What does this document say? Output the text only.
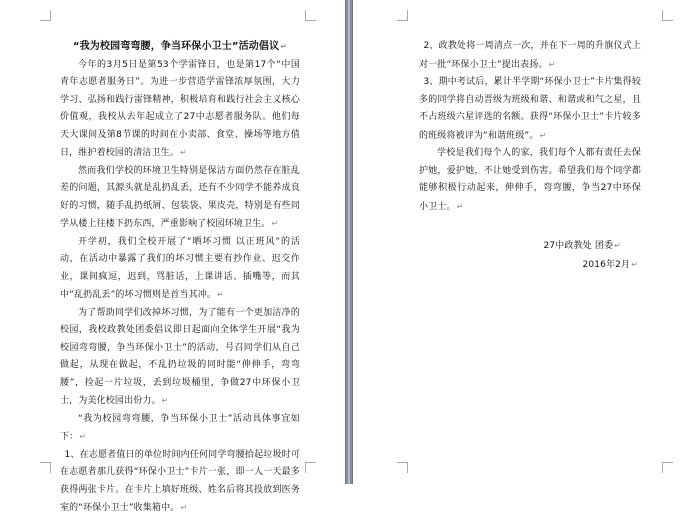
“我为校园弯弯腰，争当环保小卫士”活动倡议↵

今年的3月5日是第53个学雷锋日，也是第17个“中国青年志愿者服务日”。为进一步营造学雷锋浓厚氛围，大力学习、弘扬和践行雷锋精神，积极培育和践行社会主义核心价值观，我校从去年起成立了27中志愿者服务队。他们每天大课间及第8节课的时间在小卖部、食堂、操场等地方值日，维护着校园的清洁卫生。↵

然而我们学校的环境卫生特别是保洁方面仍然存在脏乱差的问题，其源头就是乱扔乱丢，还有不少同学不能养成良好的习惯，随手乱扔纸屑、包装袋、果皮壳，特别是有些同学从楼上往楼下扔东西，严重影响了校园环境卫生。↵

开学初，我们全校开展了“晒坏习惯 以正班风”的活动，在活动中暴露了我们的坏习惯主要有抄作业、迟交作业，课间疯逗，迟到，骂脏话，上课讲话、插嘴等，而其中“乱扔乱丢”的坏习惯则是首当其冲。↵

为了帮助同学们改掉坏习惯，为了能有一个更加洁净的校园，我校政教处团委倡议即日起面向全体学生开展“我为校园弯弯腰，争当环保小卫士”的活动，号召同学们从自己做起，从现在做起，不乱扔垃圾的同时能“伸伸手，弯弯腰”，捡起一片垃圾，丢到垃圾桶里，争做27中环保小卫士，为美化校园出份力。↵

“我为校园弯弯腰，争当环保小卫士”活动具体事宜如下：↵

1、在志愿者值日的单位时间内任何同学弯腰拾起垃圾时可在志愿者那儿获得“环保小卫士”卡片一张，即一人一天最多获得两张卡片。在卡片上填好班级、姓名后将其投放到医务室的“环保小卫士”收集箱中。↵

2、政教处将一周清点一次，并在下一周的升旗仪式上对一批“环保小卫士”提出表扬。↵

3、期中考试后，累计半学期“环保小卫士”卡片集得较多的同学将自动晋级为班级和谐、和谐或和气之星，且不占班级六星评选的名额。获得“环保小卫士”卡片较多的班级将被评为“和谐班级”。↵

学校是我们每个人的家，我们每个人都有责任去保护她，爱护她，不让她受到伤害。希望我们每个同学都能够积极行动起来，伸伸手，弯弯腰，争当27中环保小卫士。↵

27中政教处 团委↵

2016年2月↵
